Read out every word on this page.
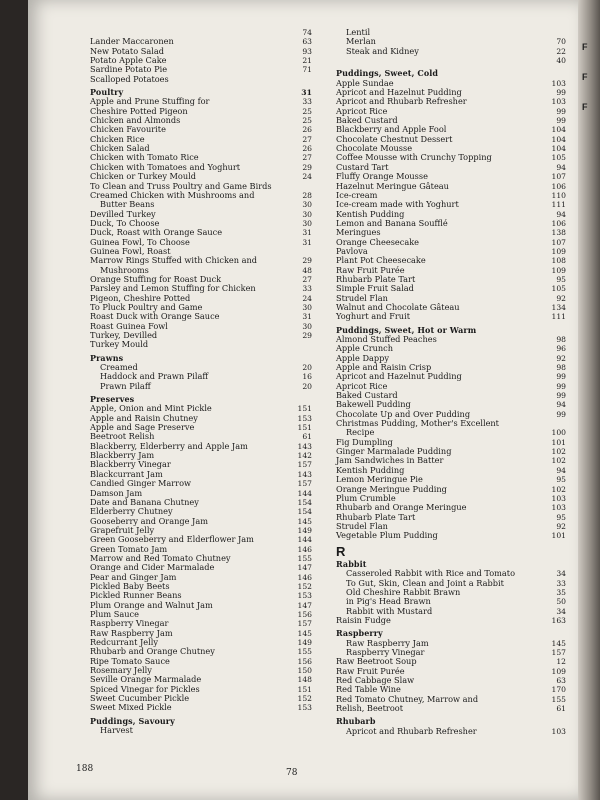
74
Lander Maccaronen	63
New Potato Salad	93
Potato Apple Cake	21
Sardine Potato Pie	71
Scalloped Potatoes
Poultry	31
Apple and Prune Stuffing for	33
Cheshire Potted Pigeon	25
Chicken and Almonds	25
Chicken Favourite	26
Chicken Rice	27
Chicken Salad	26
Chicken with Tomato Rice	27
Chicken with Tomatoes and Yoghurt	29
Chicken or Turkey Mould	24
To Clean and Truss Poultry and Game Birds
Creamed Chicken with Mushrooms and	28
Butter Beans	30
Devilled Turkey	30
Duck, To Choose	30
Duck, Roast with Orange Sauce	31
Guinea Fowl, To Choose	31
Guinea Fowl, Roast
Marrow Rings Stuffed with Chicken and	29
Mushrooms	48
Orange Stuffing for Roast Duck	27
Parsley and Lemon Stuffing for Chicken	33
Pigeon, Cheshire Potted	24
To Pluck Poultry and Game	30
Roast Duck with Orange Sauce	31
Roast Guinea Fowl	30
Turkey, Devilled	29
Turkey Mould
Prawns
Creamed	20
Haddock and Prawn Pilaff	16
Prawn Pilaff	20
Preserves
Apple, Onion and Mint Pickle	151
Apple and Raisin Chutney	153
Apple and Sage Preserve	151
Beetroot Relish	61
Blackberry, Elderberry and Apple Jam	143
Blackberry Jam	142
Blackberry Vinegar	157
Blackcurrant Jam	143
Candied Ginger Marrow	157
Damson Jam	144
Date and Banana Chutney	154
Elderberry Chutney	154
Gooseberry and Orange Jam	145
Grapefruit Jelly	149
Green Gooseberry and Elderflower Jam	144
Green Tomato Jam	146
Marrow and Red Tomato Chutney	155
Orange and Cider Marmalade	147
Pear and Ginger Jam	146
Pickled Baby Beets	152
Pickled Runner Beans	153
Plum Orange and Walnut Jam	147
Plum Sauce	156
Raspberry Vinegar	157
Raw Raspberry Jam	145
Redcurrant Jelly	149
Rhubarb and Orange Chutney	155
Ripe Tomato Sauce	156
Rosemary Jelly	150
Seville Orange Marmalade	148
Spiced Vinegar for Pickles	151
Sweet Cucumber Pickle	152
Sweet Mixed Pickle	153
Puddings, Savoury
Harvest
Lentil
Merlan	70
Steak and Kidney	22

40
Puddings, Sweet, Cold
Apple Sundae	103
Apricot and Hazelnut Pudding	99
Apricot and Rhubarb Refresher	103
Apricot Rice	99
Baked Custard	99
Blackberry and Apple Fool	104
Chocolate Chestnut Dessert	104
Chocolate Mousse	104
Coffee Mousse with Crunchy Topping	105
Custard Tart	94
Fluffy Orange Mousse	107
Hazelnut Meringue Gâteau	106
Ice-cream	110
Ice-cream made with Yoghurt	111
Kentish Pudding	94
Lemon and Banana Soufflé	106
Meringues	138
Orange Cheesecake	107
Pavlova	109
Plant Pot Cheesecake	108
Raw Fruit Purée	109
Rhubarb Plate Tart	95
Simple Fruit Salad	105
Strudel Flan	92
Walnut and Chocolate Gâteau	134
Yoghurt and Fruit	111
Puddings, Sweet, Hot or Warm
Almond Stuffed Peaches	98
Apple Crunch	96
Apple Dappy	92
Apple and Raisin Crisp	98
Apricot and Hazelnut Pudding	99
Apricot Rice	99
Baked Custard	99
Bakewell Pudding	94
Chocolate Up and Over Pudding	99
Christmas Pudding, Mother's Excellent
Recipe	100
Fig Dumpling	101
Ginger Marmalade Pudding	102
Jam Sandwiches in Batter	102
Kentish Pudding	94
Lemon Meringue Pie	95
Orange Meringue Pudding	102
Plum Crumble	103
Rhubarb and Orange Meringue	103
Rhubarb Plate Tart	95
Strudel Flan	92
Vegetable Plum Pudding	101
R
Rabbit
Casseroled Rabbit with Rice and Tomato	34
To Gut, Skin, Clean and Joint a Rabbit	33
Old Cheshire Rabbit Brawn	35
in Pig's Head Brawn	50
Rabbit with Mustard	34
Raisin Fudge	163
Raspberry
Raw Raspberry Jam	145
Raspberry Vinegar	157
Raw Beetroot Soup	12
Raw Fruit Purée	109
Red Cabbage Slaw	63
Red Table Wine	170
Red Tomato Chutney, Marrow and	155
Relish, Beetroot	61
Rhubarb
Apricot and Rhubarb Refresher	103
188	78
F
F
F
